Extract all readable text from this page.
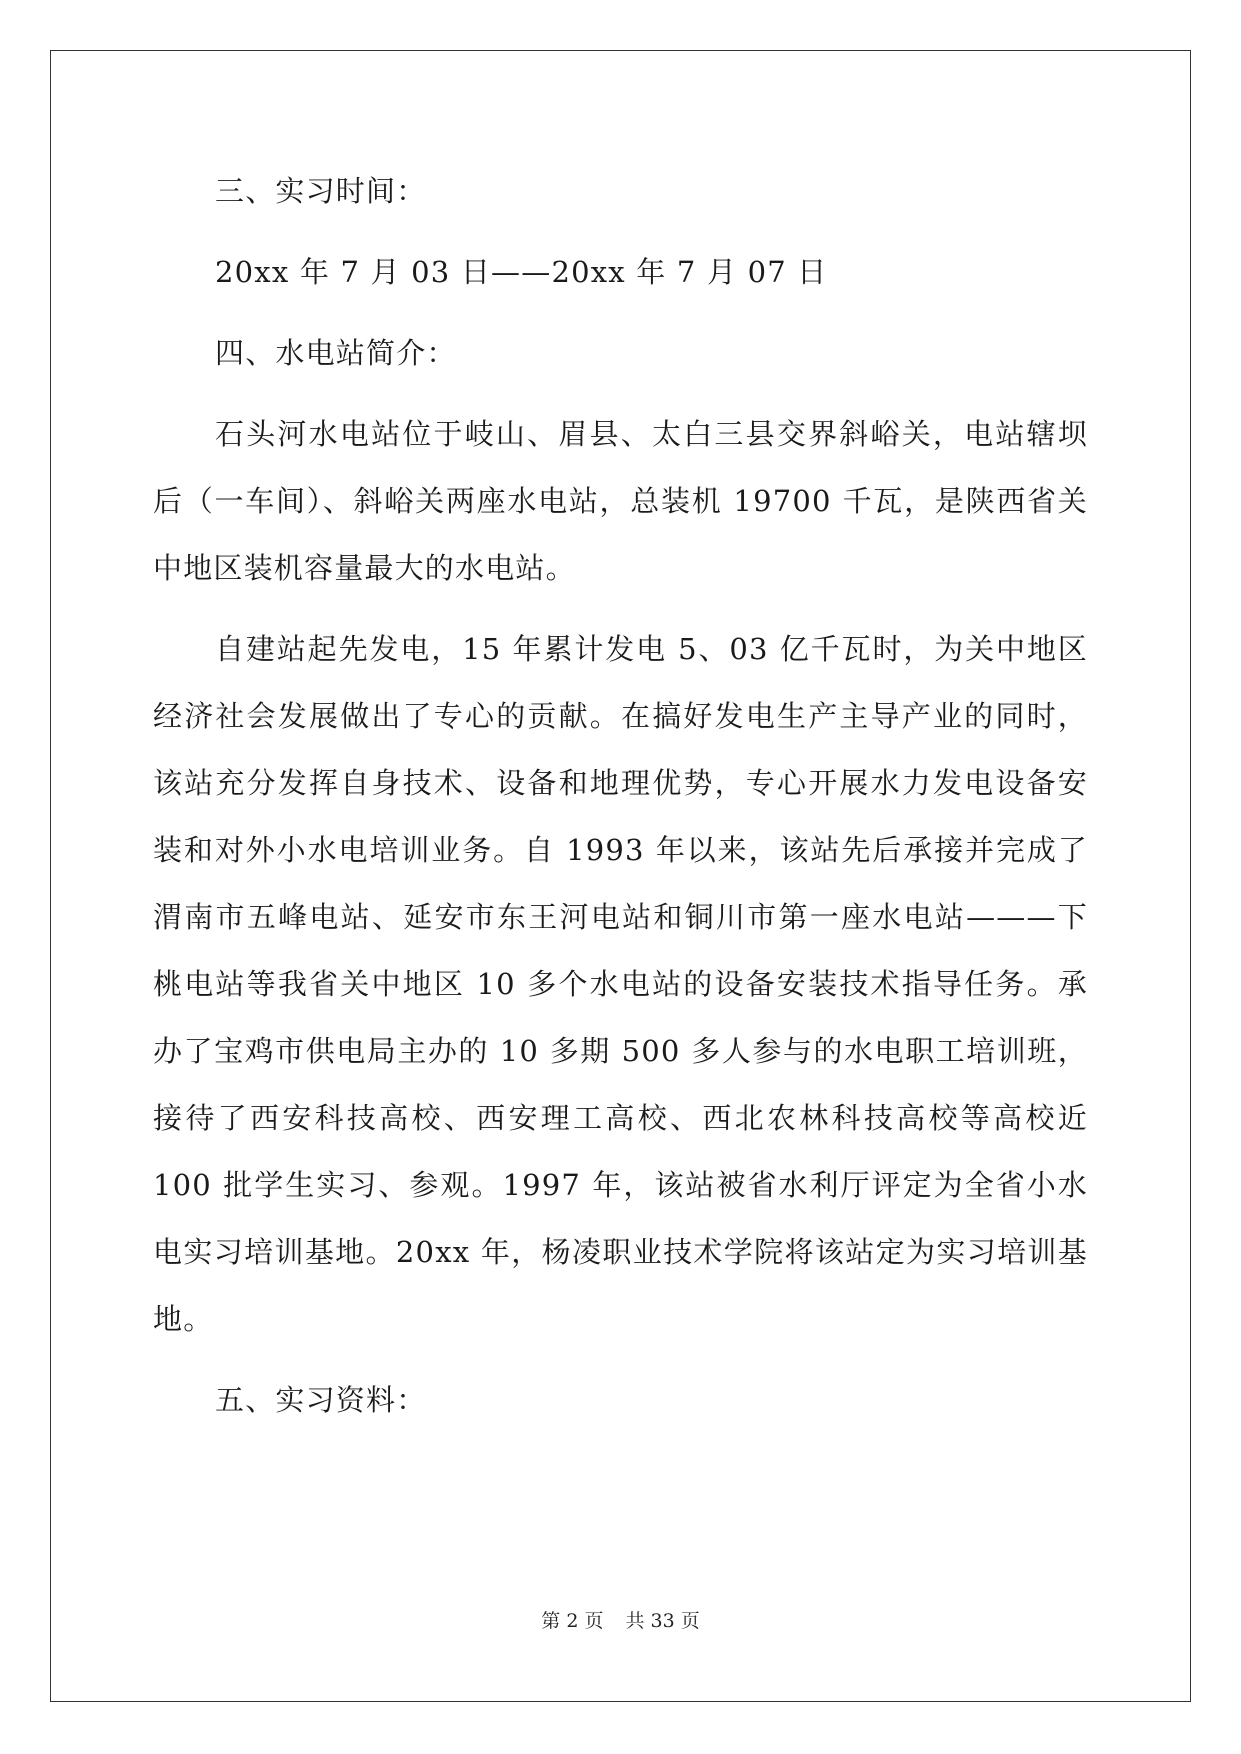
三、实习时间：

20xx 年 7 月 03 日——20xx 年 7 月 07 日

四、水电站简介：

石头河水电站位于岐山、眉县、太白三县交界斜峪关，电站辖坝后（一车间）、斜峪关两座水电站，总装机 19700 千瓦，是陕西省关中地区装机容量最大的水电站。

自建站起先发电，15 年累计发电 5、03 亿千瓦时，为关中地区经济社会发展做出了专心的贡献。在搞好发电生产主导产业的同时，该站充分发挥自身技术、设备和地理优势，专心开展水力发电设备安装和对外小水电培训业务。自 1993 年以来，该站先后承接并完成了渭南市五峰电站、延安市东王河电站和铜川市第一座水电站———下桃电站等我省关中地区 10 多个水电站的设备安装技术指导任务。承办了宝鸡市供电局主办的 10 多期 500 多人参与的水电职工培训班，接待了西安科技高校、西安理工高校、西北农林科技高校等高校近 100 批学生实习、参观。1997 年，该站被省水利厅评定为全省小水电实习培训基地。20xx 年，杨凌职业技术学院将该站定为实习培训基地。

五、实习资料：

第 2 页 共 33 页
